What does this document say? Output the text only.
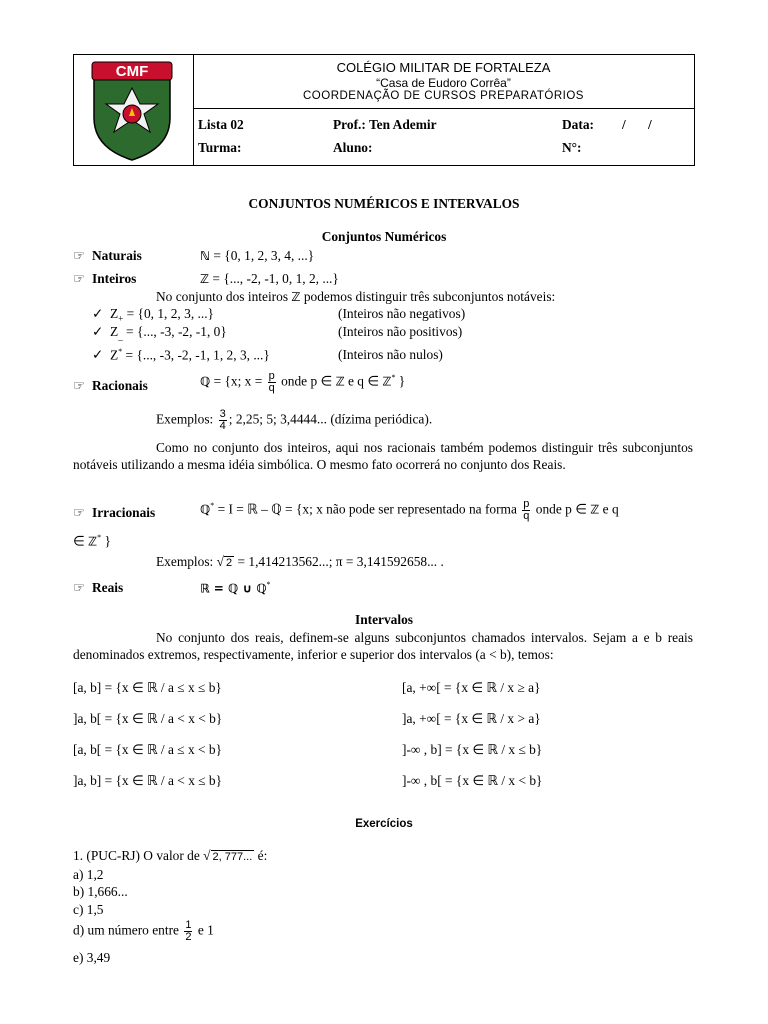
CMF	COLÉGIO MILITAR DE FORTALEZA
“Casa de Eudoro Corrêa”
COORDENAÇÃO DE CURSOS PREPARATÓRIOS
Lista 02	Prof.: Ten Ademir	Data: / /
Turma:	Aluno:	N°:
CONJUNTOS NUMÉRICOS E INTERVALOS
Conjuntos Numéricos
☞ Naturais	ℕ = {0, 1, 2, 3, 4, ...}
☞ Inteiros	ℤ = {..., -2, -1, 0, 1, 2, ...}
No conjunto dos inteiros ℤ podemos distinguir três subconjuntos notáveis:
✓ $Z_+ = \{0$, 1, 2, 3, ...}	(Inteiros não negativos)
✓ $Z_{\_}$ = {..., -3, -2, -1, 0}	(Inteiros não positivos)
✓ Z* = {..., -3, -2, -1, 1, 2, 3, ...}	(Inteiros não nulos)
☞ Racionais	ℚ = {x; $x = \frac{p}{q}$ onde p ∈ ℤ e q ∈ ℤ* }
Exemplos: $\frac{3}{4}$ ; 2,25; 5; 3,4444... (dízima periódica).
Como no conjunto dos inteiros, aqui nos racionais também podemos distinguir três subconjuntos notáveis utilizando a mesma idéia simbólica. O mesmo fato ocorrerá no conjunto dos Reais.
☞ Irracionais	ℚ* = I = ℝ – ℚ = {x; x não pode ser representado na forma $\frac{p}{q}$ onde p ∈ ℤ e q
∈ ℤ* }
Exemplos: √ 2 = 1,414213562...; π = 3,141592658... .
☞ Reais	ℝ = ℚ ∪ ℚ*
Intervalos
No conjunto dos reais, definem-se alguns subconjuntos chamados intervalos. Sejam a e b reais denominados extremos, respectivamente, inferior e superior dos intervalos (a < b), temos:
[a, b] = {x ∈ ℝ / a ≤ x ≤ b}	[a, +∞[ = {x ∈ ℝ / x ≥ a}
]a, b[ = {x ∈ ℝ / a < x < b}	]a, +∞[ = {x ∈ ℝ / x > a}
[a, b[ = {x ∈ ℝ / a ≤ x < b}	]-∞ , b] = {x ∈ ℝ / x ≤ b}
]a, b] = {x ∈ ℝ / a < x ≤ b}	]-∞ , b[ = {x ∈ ℝ / x < b}
Exercícios
1. (PUC-RJ) O valor de √ 2, 777... é:
a) 1,2
b) 1,666...
c) 1,5
d) um número entre $\frac{1}{2}$ e 1
e) 3,49
